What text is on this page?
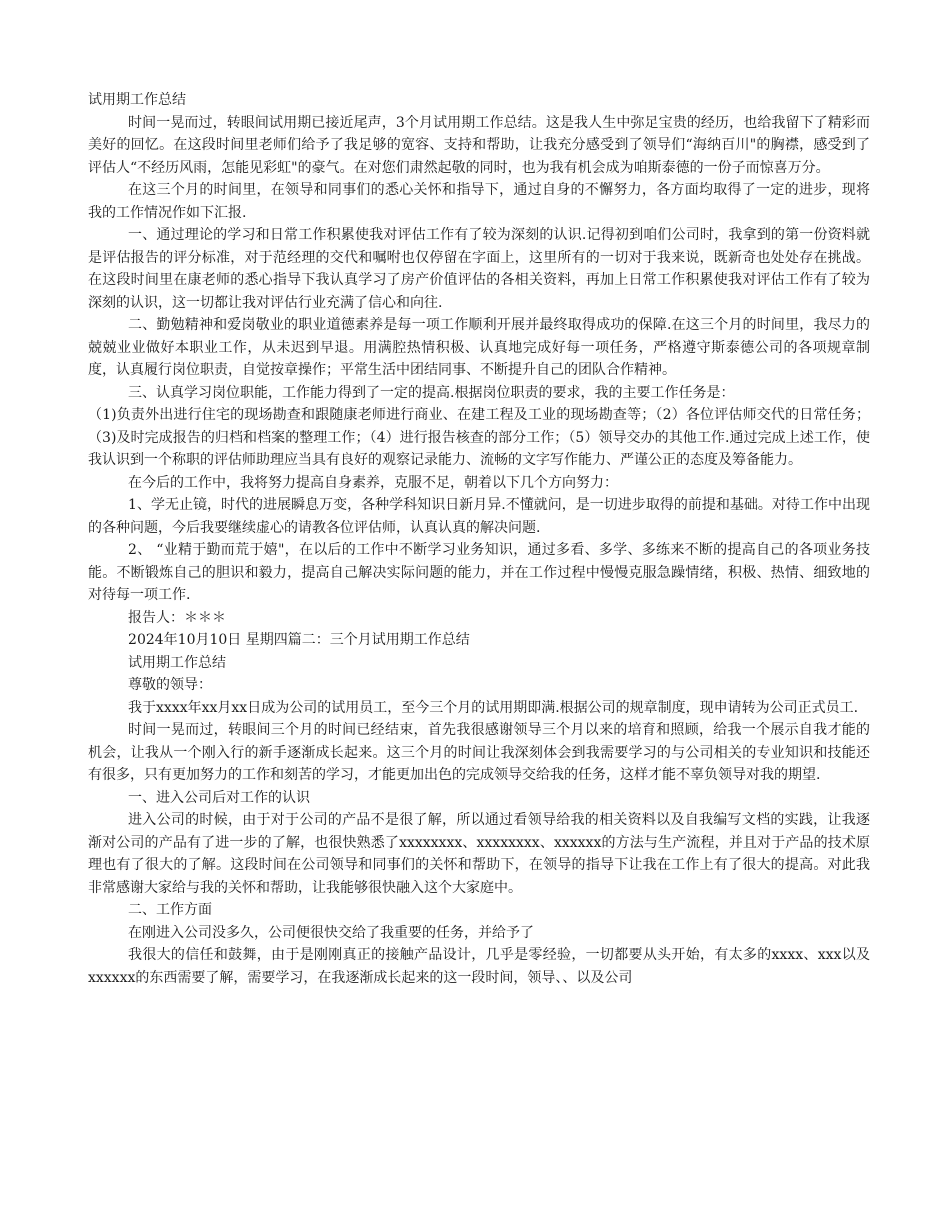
试用期工作总结

时间一晃而过，转眼间试用期已接近尾声，3个月试用期工作总结。这是我人生中弥足宝贵的经历，也给我留下了精彩而美好的回忆。在这段时间里老师们给予了我足够的宽容、支持和帮助，让我充分感受到了领导们“海纳百川"的胸襟，感受到了评估人“不经历风雨，怎能见彩虹"的豪气。在对您们肃然起敬的同时，也为我有机会成为咱斯泰德的一份子而惊喜万分。

在这三个月的时间里，在领导和同事们的悉心关怀和指导下，通过自身的不懈努力，各方面均取得了一定的进步，现将我的工作情况作如下汇报.

一、通过理论的学习和日常工作积累使我对评估工作有了较为深刻的认识.记得初到咱们公司时，我拿到的第一份资料就是评估报告的评分标准，对于范经理的交代和嘱咐也仅停留在字面上，这里所有的一切对于我来说，既新奇也处处存在挑战。在这段时间里在康老师的悉心指导下我认真学习了房产价值评估的各相关资料，再加上日常工作积累使我对评估工作有了较为深刻的认识，这一切都让我对评估行业充满了信心和向往.

二、勤勉精神和爱岗敬业的职业道德素养是每一项工作顺利开展并最终取得成功的保障.在这三个月的时间里，我尽力的兢兢业业做好本职业工作，从未迟到早退。用满腔热情积极、认真地完成好每一项任务，严格遵守斯泰德公司的各项规章制度，认真履行岗位职责，自觉按章操作；平常生活中团结同事、不断提升自己的团队合作精神。

三、认真学习岗位职能，工作能力得到了一定的提高.根据岗位职责的要求，我的主要工作任务是：

（1)负责外出进行住宅的现场勘查和跟随康老师进行商业、在建工程及工业的现场勘查等；（2）各位评估师交代的日常任务；（3)及时完成报告的归档和档案的整理工作；（4）进行报告核查的部分工作；（5）领导交办的其他工作.通过完成上述工作，使我认识到一个称职的评估师助理应当具有良好的观察记录能力、流畅的文字写作能力、严谨公正的态度及筹备能力。

在今后的工作中，我将努力提高自身素养，克服不足，朝着以下几个方向努力：

1、学无止镜，时代的进展瞬息万变，各种学科知识日新月异.不懂就问，是一切进步取得的前提和基础。对待工作中出现的各种问题，今后我要继续虚心的请教各位评估师，认真认真的解决问题.

2、 “业精于勤而荒于嬉"，在以后的工作中不断学习业务知识，通过多看、多学、多练来不断的提高自己的各项业务技能。不断锻炼自己的胆识和毅力，提高自己解决实际问题的能力，并在工作过程中慢慢克服急躁情绪，积极、热情、细致地的对待每一项工作.

报告人：＊＊＊

2024年10月10日 星期四篇二：三个月试用期工作总结

试用期工作总结

尊敬的领导：

我于xxxx年xx月xx日成为公司的试用员工，至今三个月的试用期即满.根据公司的规章制度，现申请转为公司正式员工.

时间一晃而过，转眼间三个月的时间已经结束，首先我很感谢领导三个月以来的培育和照顾，给我一个展示自我才能的机会，让我从一个刚入行的新手逐渐成长起来。这三个月的时间让我深刻体会到我需要学习的与公司相关的专业知识和技能还有很多，只有更加努力的工作和刻苦的学习，才能更加出色的完成领导交给我的任务，这样才能不辜负领导对我的期望.

一、进入公司后对工作的认识

进入公司的时候，由于对于公司的产品不是很了解，所以通过看领导给我的相关资料以及自我编写文档的实践，让我逐渐对公司的产品有了进一步的了解，也很快熟悉了xxxxxxxx、xxxxxxxx、xxxxxx的方法与生产流程，并且对于产品的技术原理也有了很大的了解。这段时间在公司领导和同事们的关怀和帮助下，在领导的指导下让我在工作上有了很大的提高。对此我非常感谢大家给与我的关怀和帮助，让我能够很快融入这个大家庭中。

二、工作方面

在刚进入公司没多久，公司便很快交给了我重要的任务，并给予了

我很大的信任和鼓舞，由于是刚刚真正的接触产品设计，几乎是零经验，一切都要从头开始，有太多的xxxx、xxx以及xxxxxx的东西需要了解，需要学习，在我逐渐成长起来的这一段时间，领导、、以及公司
